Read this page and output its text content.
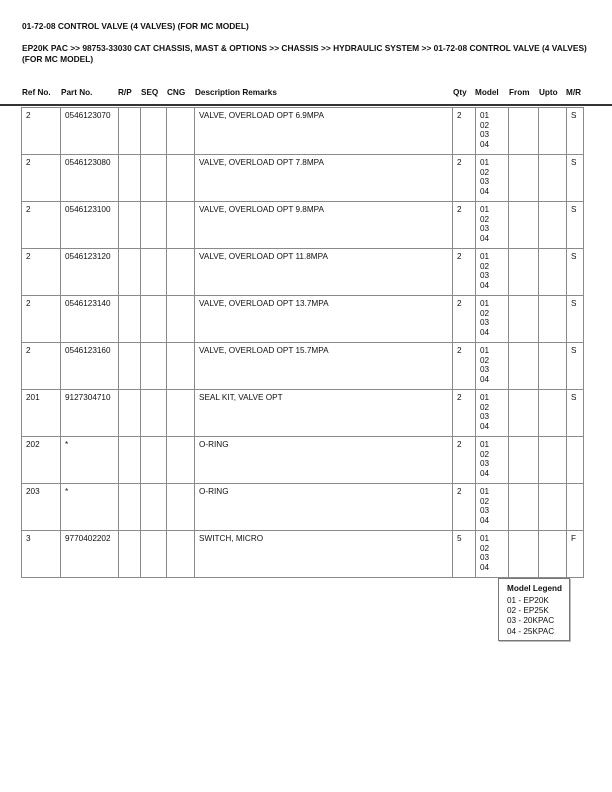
01-72-08 CONTROL VALVE (4 VALVES) (FOR MC MODEL)
EP20K PAC >> 98753-33030 CAT CHASSIS, MAST & OPTIONS >> CHASSIS >> HYDRAULIC SYSTEM >> 01-72-08 CONTROL VALVE (4 VALVES) (FOR MC MODEL)
Ref No. Part No.	R/P SEQ CNG Description Remarks	Qty Model From Upto M/R
2	0546123070				VALVE, OVERLOAD OPT 6.9MPA	2	01
02
03
04			S
2	0546123080				VALVE, OVERLOAD OPT 7.8MPA	2	01
02
03
04			S
2	0546123100				VALVE, OVERLOAD OPT 9.8MPA	2	01
02
03
04			S
2	0546123120				VALVE, OVERLOAD OPT 11.8MPA	2	01
02
03
04			S
2	0546123140				VALVE, OVERLOAD OPT 13.7MPA	2	01
02
03
04			S
2	0546123160				VALVE, OVERLOAD OPT 15.7MPA	2	01
02
03
04			S
201	9127304710				SEAL KIT, VALVE OPT	2	01
02
03
04			S
202	*				O-RING	2	01
02
03
04			

203	*				O-RING	2	01
02
03
04			

3	9770402202				SWITCH, MICRO	5	01
02
03
04			F
Model Legend
01 - EP20K
02 - EP25K
03 - 20KPAC
04 - 25KPAC
